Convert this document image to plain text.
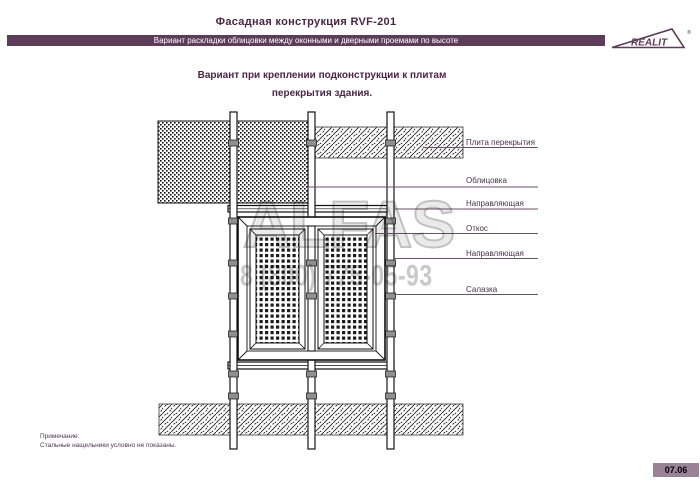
Фасадная конструкция RVF-201
Вариант раскладки облицовки между оконными и дверными проемами по высоте	REALIT
®
Вариант при креплении подконструкции к плитам перекрытия здания.
ALFAS
8 (800) 775-05-93
Плита перекрытия
Облицовка
Направляющая
Откос
Направляющая
Салазка
Примечание:
Стальные нащельники условно не показаны.
07.06
